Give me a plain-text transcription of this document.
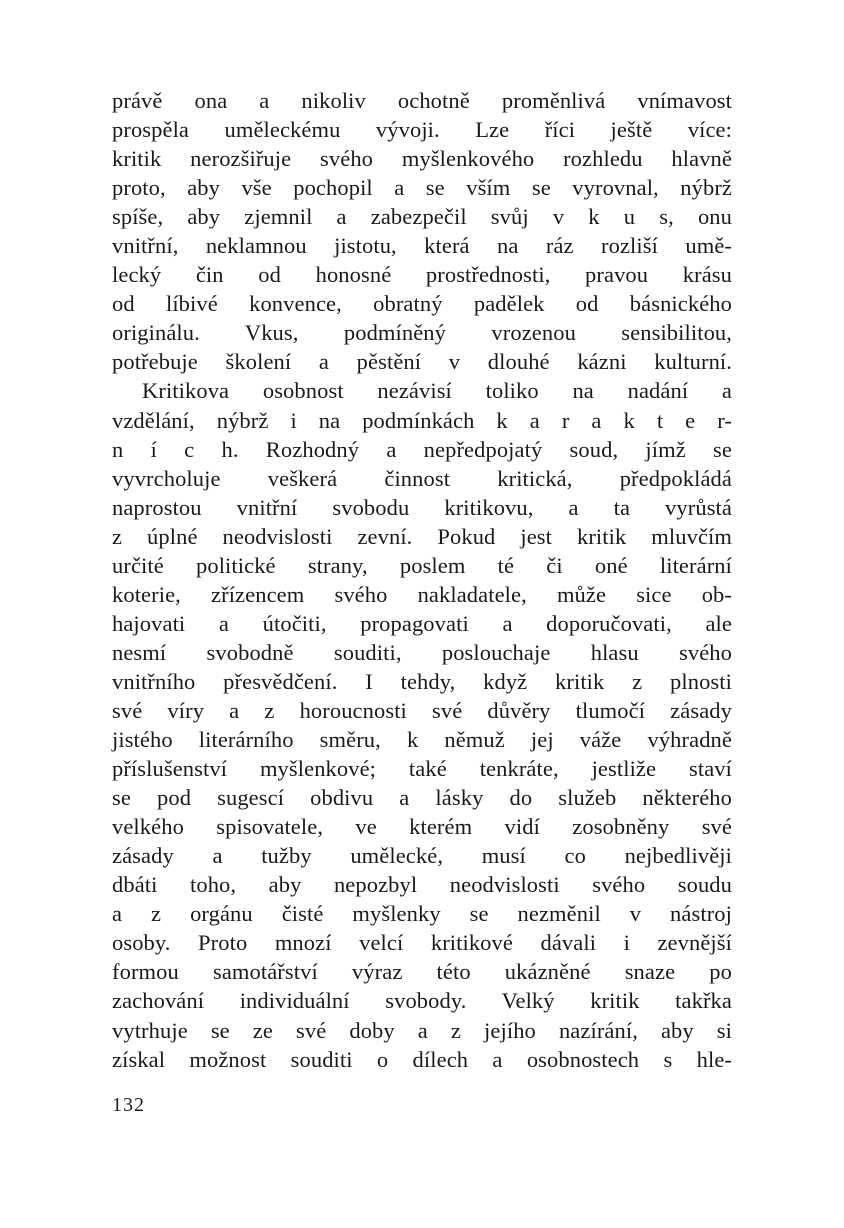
právě ona a nikoliv ochotně proměnlivá vnímavost
prospěla uměleckému vývoji. Lze říci ještě více:
kritik nerozšiřuje svého myšlenkového rozhledu hlavně
proto, aby vše pochopil a se vším se vyrovnal, nýbrž
spíše, aby zjemnil a zabezpečil svůj v k u s, onu
vnitřní, neklamnou jistotu, která na ráz rozliší umě-
lecký čin od honosné prostřednosti, pravou krásu
od líbivé konvence, obratný padělek od básnického
originálu. Vkus, podmíněný vrozenou sensibilitou,
potřebuje školení a pěstění v dlouhé kázni kulturní.
Kritikova osobnost nezávisí toliko na nadání a
vzdělání, nýbrž i na podmínkách k a r a k t e r-
n í c h. Rozhodný a nepředpojatý soud, jímž se
vyvrcholuje veškerá činnost kritická, předpokládá
naprostou vnitřní svobodu kritikovu, a ta vyrůstá
z úplné neodvislosti zevní. Pokud jest kritik mluvčím
určité politické strany, poslem té či oné literární
koterie, zřízencem svého nakladatele, může sice ob-
hajovati a útočiti, propagovati a doporučovati, ale
nesmí svobodně souditi, poslouchaje hlasu svého
vnitřního přesvědčení. I tehdy, když kritik z plnosti
své víry a z horoucnosti své důvěry tlumočí zásady
jistého literárního směru, k němuž jej váže výhradně
příslušenství myšlenkové; také tenkráte, jestliže staví
se pod sugescí obdivu a lásky do služeb některého
velkého spisovatele, ve kterém vidí zosobněny své
zásady a tužby umělecké, musí co nejbedlivěji
dbáti toho, aby nepozbyl neodvislosti svého soudu
a z orgánu čisté myšlenky se nezměnil v nástroj
osoby. Proto mnozí velcí kritikové dávali i zevnější
formou samotářství výraz této ukázněné snaze po
zachování individuální svobody. Velký kritik takřka
vytrhuje se ze své doby a z jejího nazírání, aby si
získal možnost souditi o dílech a osobnostech s hle-
132
